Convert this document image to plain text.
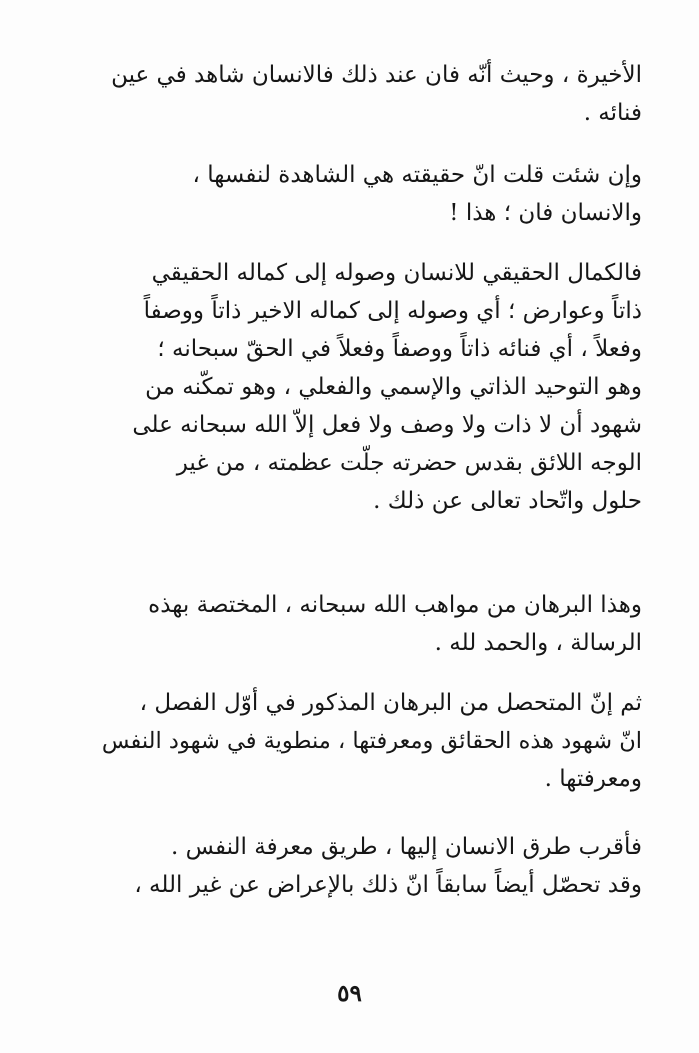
الأخيرة ، وحيث أنّه فان عند ذلك فالانسان شاهد في عين
فنائه .
وإن شئت قلت انّ حقيقته هي الشاهدة لنفسها ،
والانسان فان ؛ هذا !
فالكمال الحقيقي للانسان وصوله إلى كماله الحقيقي
ذاتاً وعوارض ؛ أي وصوله إلى كماله الاخير ذاتاً ووصفاً
وفعلاً ، أي فنائه ذاتاً ووصفاً وفعلاً في الحقّ سبحانه ؛
وهو التوحيد الذاتي والإسمي والفعلي ، وهو تمكّنه من
شهود أن لا ذات ولا وصف ولا فعل إلاّ الله سبحانه على
الوجه اللائق بقدس حضرته جلّت عظمته ، من غير
حلول واتّحاد تعالى عن ذلك .
وهذا البرهان من مواهب الله سبحانه ، المختصة بهذه
الرسالة ، والحمد لله .
ثم إنّ المتحصل من البرهان المذكور في أوّل الفصل ،
انّ شهود هذه الحقائق ومعرفتها ، منطوية في شهود النفس
ومعرفتها .
فأقرب طرق الانسان إليها ، طريق معرفة النفس .
وقد تحصّل أيضاً سابقاً انّ ذلك بالإعراض عن غير الله ،
٥٩
